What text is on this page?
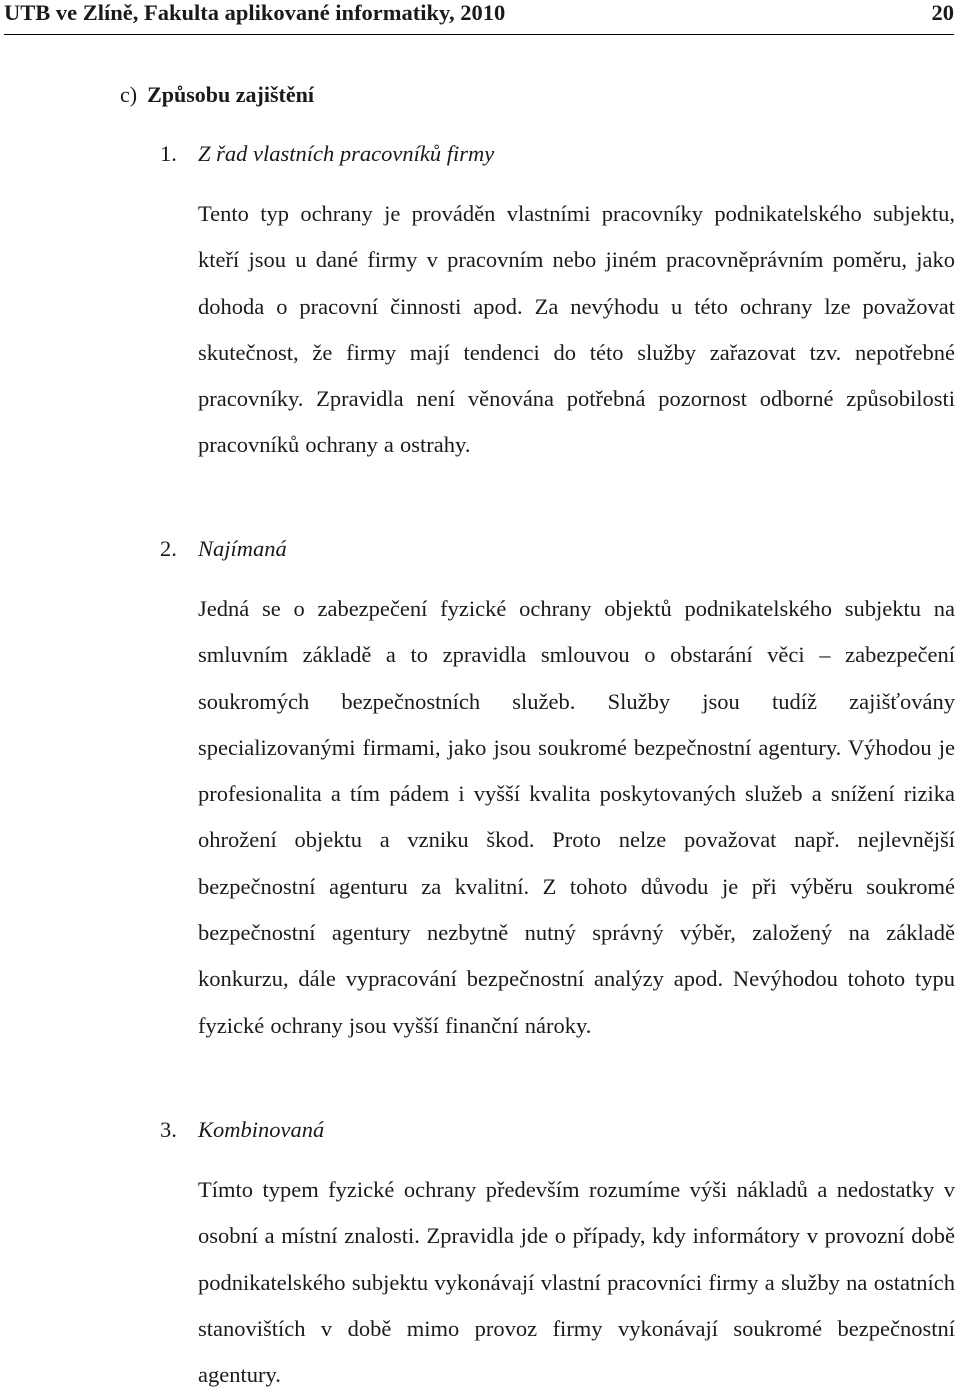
UTB ve Zlíně, Fakulta aplikované informatiky, 2010	20
c) Způsobu zajištění
1. Z řad vlastních pracovníků firmy

Tento typ ochrany je prováděn vlastními pracovníky podnikatelského subjektu, kteří jsou u dané firmy v pracovním nebo jiném pracovněprávním poměru, jako dohoda o pracovní činnosti apod. Za nevýhodu u této ochrany lze považovat skutečnost, že firmy mají tendenci do této služby zařazovat tzv. nepotřebné pracovníky. Zpravidla není věnována potřebná pozornost odborné způsobilosti pracovníků ochrany a ostrahy.

2. Najímaná

Jedná se o zabezpečení fyzické ochrany objektů podnikatelského subjektu na smluvním základě a to zpravidla smlouvou o obstarání věci – zabezpečení soukromých bezpečnostních služeb. Služby jsou tudíž zajišťovány specializovanými firmami, jako jsou soukromé bezpečnostní agentury. Výhodou je profesionalita a tím pádem i vyšší kvalita poskytovaných služeb a snížení rizika ohrožení objektu a vzniku škod. Proto nelze považovat např. nejlevnější bezpečnostní agenturu za kvalitní. Z tohoto důvodu je při výběru soukromé bezpečnostní agentury nezbytně nutný správný výběr, založený na základě konkurzu, dále vypracování bezpečnostní analýzy apod. Nevýhodou tohoto typu fyzické ochrany jsou vyšší finanční nároky.

3. Kombinovaná

Tímto typem fyzické ochrany především rozumíme výši nákladů a nedostatky v osobní a místní znalosti. Zpravidla jde o případy, kdy informátory v provozní době podnikatelského subjektu vykonávají vlastní pracovníci firmy a služby na ostatních stanovištích v době mimo provoz firmy vykonávají soukromé bezpečnostní agentury.
